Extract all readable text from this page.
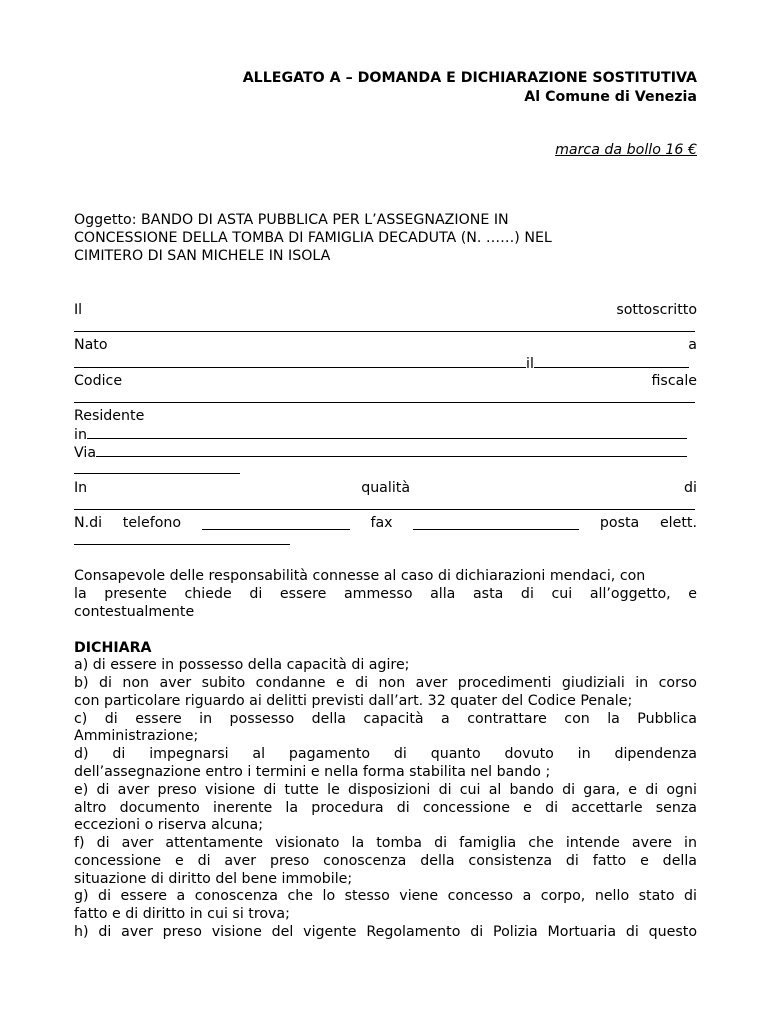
ALLEGATO A – DOMANDA E DICHIARAZIONE SOSTITUTIVA
Al Comune di Venezia
marca da bollo 16 €
Oggetto: BANDO DI ASTA PUBBLICA PER L’ASSEGNAZIONE IN
CONCESSIONE DELLA TOMBA DI FAMIGLIA DECADUTA (N. ……) NEL
CIMITERO DI SAN MICHELE IN ISOLA
Il	sottoscritto
Nato	a
il
Codice	fiscale
Residente
in
Via
In	qualità	di
N.di telefono	fax	posta elett.
Consapevole delle responsabilità connesse al caso di dichiarazioni mendaci, con
la presente chiede di essere ammesso alla asta di cui all’oggetto, e
contestualmente
DICHIARA
a) di essere in possesso della capacità di agire;
b) di non aver subito condanne e di non aver procedimenti giudiziali in corso
con particolare riguardo ai delitti previsti dall’art. 32 quater del Codice Penale;
c) di essere in possesso della capacità a contrattare con la Pubblica
Amministrazione;
d) di impegnarsi al pagamento di quanto dovuto in dipendenza
dell’assegnazione entro i termini e nella forma stabilita nel bando ;
e) di aver preso visione di tutte le disposizioni di cui al bando di gara, e di ogni
altro documento inerente la procedura di concessione e di accettarle senza
eccezioni o riserva alcuna;
f) di aver attentamente visionato la tomba di famiglia che intende avere in
concessione e di aver preso conoscenza della consistenza di fatto e della
situazione di diritto del bene immobile;
g) di essere a conoscenza che lo stesso viene concesso a corpo, nello stato di
fatto e di diritto in cui si trova;
h) di aver preso visione del vigente Regolamento di Polizia Mortuaria di questo
